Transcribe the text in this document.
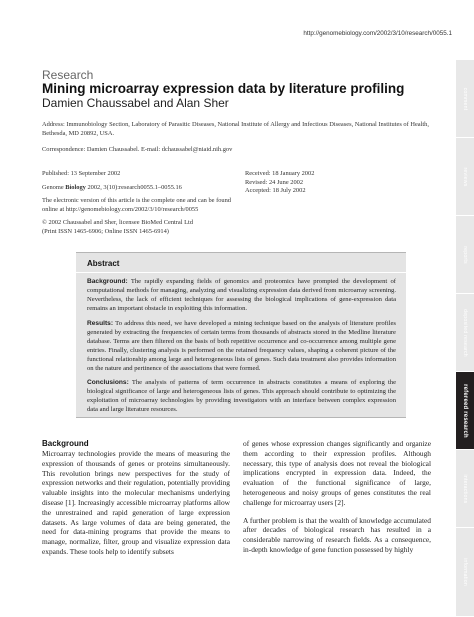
http://genomebiology.com/2002/3/10/research/0055.1
Research
Mining microarray expression data by literature profiling
Damien Chaussabel and Alan Sher
Address: Immunobiology Section, Laboratory of Parasitic Diseases, National Institute of Allergy and Infectious Diseases, National Institutes of Health, Bethesda, MD 20892, USA.
Correspondence: Damien Chaussabel. E-mail: dchaussabel@niaid.nih.gov

Published: 13 September 2002

Genome Biology 2002, 3(10):research0055.1–0055.16

The electronic version of this article is the complete one and can be found online at http://genomebiology.com/2002/3/10/research/0055

© 2002 Chaussabel and Sher, licensee BioMed Central Ltd

(Print ISSN 1465-6906; Online ISSN 1465-6914)

Received: 18 January 2002

Revised: 24 June 2002

Accepted: 18 July 2002

Abstract

Background: The rapidly expanding fields of genomics and proteomics have prompted the development of computational methods for managing, analyzing and visualizing expression data derived from microarray screening. Nevertheless, the lack of efficient techniques for assessing the biological implications of gene-expression data remains an important obstacle in exploiting this information.

Results: To address this need, we have developed a mining technique based on the analysis of literature profiles generated by extracting the frequencies of certain terms from thousands of abstracts stored in the Medline literature database. Terms are then filtered on the basis of both repetitive occurrence and co-occurrence among multiple gene entries. Finally, clustering analysis is performed on the retained frequency values, shaping a coherent picture of the functional relationship among large and heterogeneous lists of genes. Such data treatment also provides information on the nature and pertinence of the associations that were formed.

Conclusions: The analysis of patterns of term occurrence in abstracts constitutes a means of exploring the biological significance of large and heterogeneous lists of genes. This approach should contribute to optimizing the exploitation of microarray technologies by providing investigators with an interface between complex expression data and large literature resources.

Background

Microarray technologies provide the means of measuring the expression of thousands of genes or proteins simultaneously. This revolution brings new perspectives for the study of expression networks and their regulation, potentially providing valuable insights into the molecular mechanisms underlying disease [1]. Increasingly accessible microarray platforms allow the unrestrained and rapid generation of large expression datasets. As large volumes of data are being generated, the need for data-mining programs that provide the means to manage, normalize, filter, group and visualize expression data expands. These tools help to identify subsets

of genes whose expression changes significantly and organize them according to their expression profiles. Although necessary, this type of analysis does not reveal the biological implications encrypted in expression data. Indeed, the evaluation of the functional significance of large, heterogeneous and noisy groups of genes constitutes the real challenge for microarray users [2].

A further problem is that the wealth of knowledge accumulated after decades of biological research has resulted in a considerable narrowing of research fields. As a consequence, in-depth knowledge of gene function possessed by highly

comment
reviews
reports
deposited research
refereed research
interactions
information
